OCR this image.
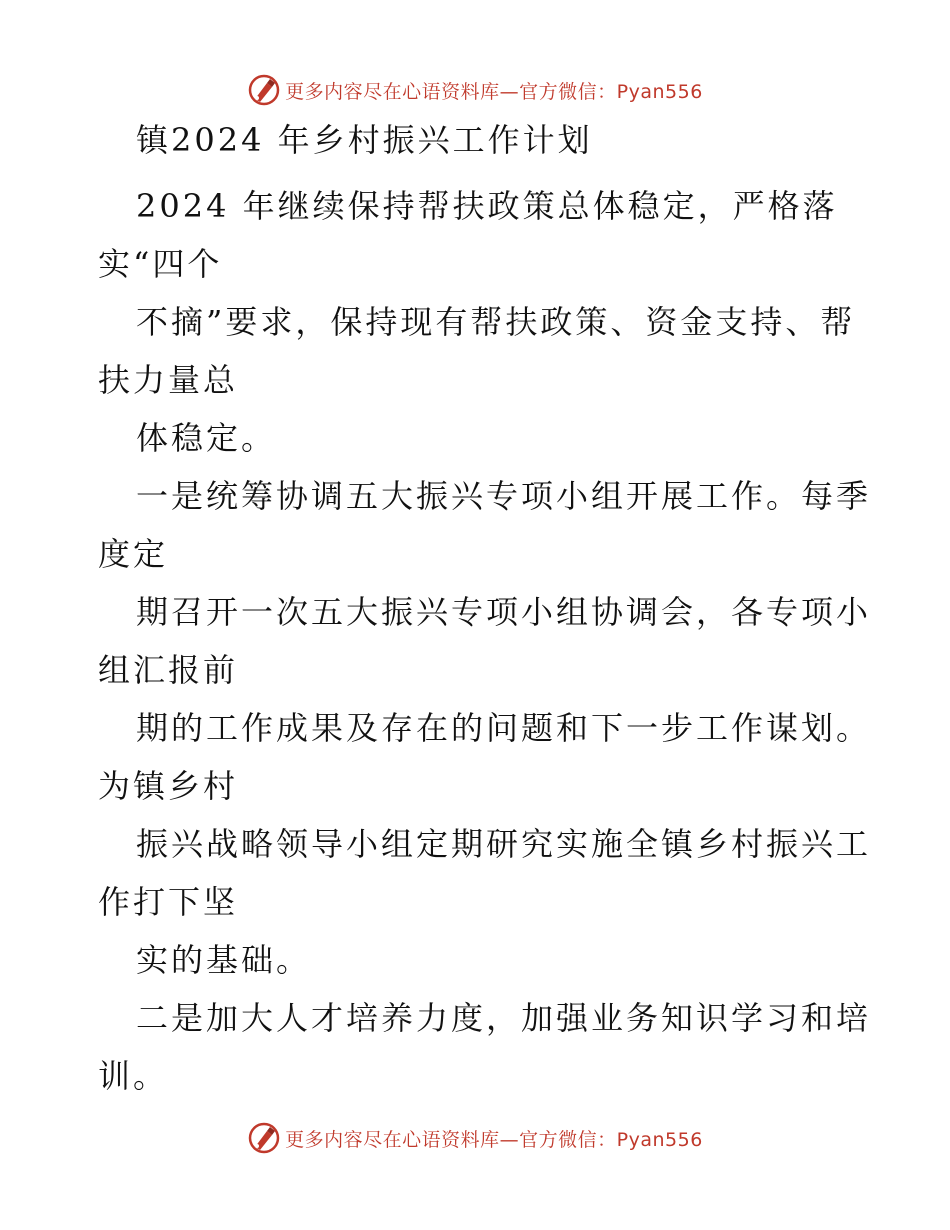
更多内容尽在心语资料库—官方微信：Pyan556
镇2024 年乡村振兴工作计划
2024 年继续保持帮扶政策总体稳定，严格落
实“四个
不摘”要求，保持现有帮扶政策、资金支持、帮
扶力量总
体稳定。
一是统筹协调五大振兴专项小组开展工作。每季
度定
期召开一次五大振兴专项小组协调会，各专项小
组汇报前
期的工作成果及存在的问题和下一步工作谋划。
为镇乡村
振兴战略领导小组定期研究实施全镇乡村振兴工
作打下坚
实的基础。
二是加大人才培养力度，加强业务知识学习和培
训。
更多内容尽在心语资料库—官方微信：Pyan556
